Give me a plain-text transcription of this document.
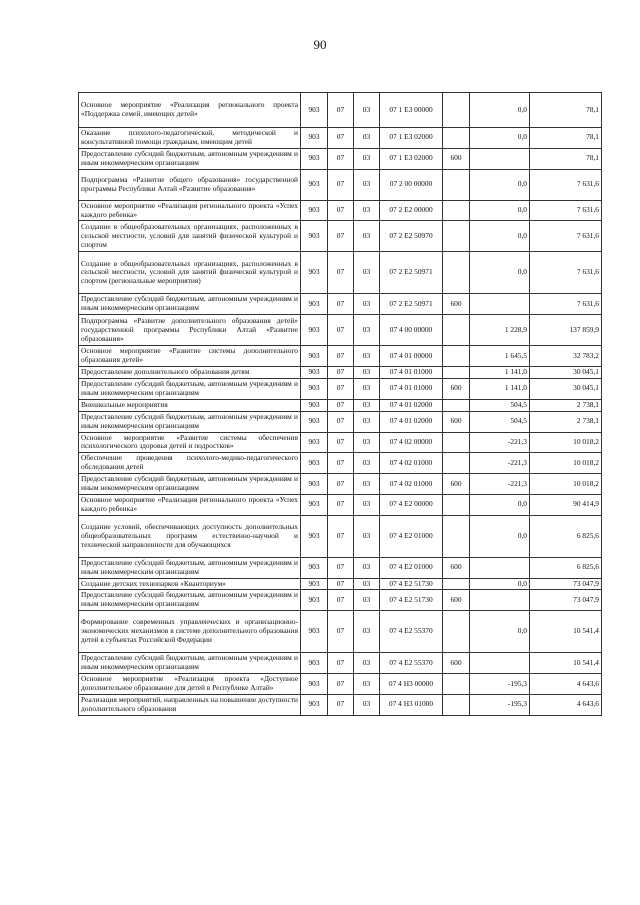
90
Основное мероприятие «Реализация регионального проекта «Поддержка семей, имеющих детей»	903	07	03	07 1 E3 00000		0,0	78,1
Оказание психолого-педагогической, методической и консультативной помощи гражданам, имеющим детей	903	07	03	07 1 E3 02000		0,0	78,1
Предоставление субсидий бюджетным, автономным учреждениям и иным некоммерческим организациям	903	07	03	07 1 E3 02000	600		78,1
Подпрограмма «Развитие общего образования» государственной программы Республики Алтай «Развитие образования»	903	07	03	07 2 00 00000		0,0	7 631,6
Основное мероприятие «Реализация регионального проекта «Успех каждого ребенка»	903	07	03	07 2 E2 00000		0,0	7 631,6
Создание в общеобразовательных организациях, расположенных в сельской местности, условий для занятий физической культурой и спортом	903	07	03	07 2 E2 50970		0,0	7 631,6
Создание в общеобразовательных организациях, расположенных в сельской местности, условий для занятий физической культурой и спортом (региональные мероприятия)	903	07	03	07 2 E2 50971		0,0	7 631,6
Предоставление субсидий бюджетным, автономным учреждениям и иным некоммерческим организациям	903	07	03	07 2 E2 50971	600		7 631,6
Подпрограмма «Развитие дополнительного образования детей» государственной программы Республики Алтай «Развитие образования»	903	07	03	07 4 00 00000		1 228,9	137 859,9
Основное мероприятие «Развитие системы дополнительного образования детей»	903	07	03	07 4 01 00000		1 645,5	32 783,2
Предоставление дополнительного образования детям	903	07	03	07 4 01 01000		1 141,0	30 045,1
Предоставление субсидий бюджетным, автономным учреждениям и иным некоммерческим организациям	903	07	03	07 4 01 01000	600	1 141,0	30 045,1
Внешкольные мероприятия	903	07	03	07 4 01 02000		504,5	2 738,1
Предоставление субсидий бюджетным, автономным учреждениям и иным некоммерческим организациям	903	07	03	07 4 01 02000	600	504,5	2 738,1
Основное мероприятие «Развитие системы обеспечения психологического здоровья детей и подростков»	903	07	03	07 4 02 00000		-221,3	10 018,2
Обеспечение проведения психолого-медико-педагогического обследования детей	903	07	03	07 4 02 01000		-221,3	10 018,2
Предоставление субсидий бюджетным, автономным учреждениям и иным некоммерческим организациям	903	07	03	07 4 02 01000	600	-221,3	10 018,2
Основное мероприятие «Реализация регионального проекта «Успех каждого ребенка»	903	07	03	07 4 E2 00000		0,0	90 414,9
Создание условий, обеспечивающих доступность дополнительных общеобразовательных программ естественно-научной и технической направленности для обучающихся	903	07	03	07 4 E2 01000		0,0	6 825,6
Предоставление субсидий бюджетным, автономным учреждениям и иным некоммерческим организациям	903	07	03	07 4 E2 01000	600		6 825,6
Создание детских технопарков «Кванториум»	903	07	03	07 4 E2 51730		0,0	73 047,9
Предоставление субсидий бюджетным, автономным учреждениям и иным некоммерческим организациям	903	07	03	07 4 E2 51730	600		73 047,9
Формирование современных управленческих и организационно-экономических механизмов в системе дополнительного образования детей в субъектах Российской Федерации	903	07	03	07 4 E2 55370		0,0	10 541,4
Предоставление субсидий бюджетным, автономным учреждениям и иным некоммерческим организациям	903	07	03	07 4 E2 55370	600		10 541,4
Основное мероприятие «Реализация проекта «Доступное дополнительное образование для детей в Республике Алтай»	903	07	03	07 4 Н3 00000		-195,3	4 643,6
Реализация мероприятий, направленных на повышение доступности дополнительного образования	903	07	03	07 4 Н3 01000		-195,3	4 643,6
